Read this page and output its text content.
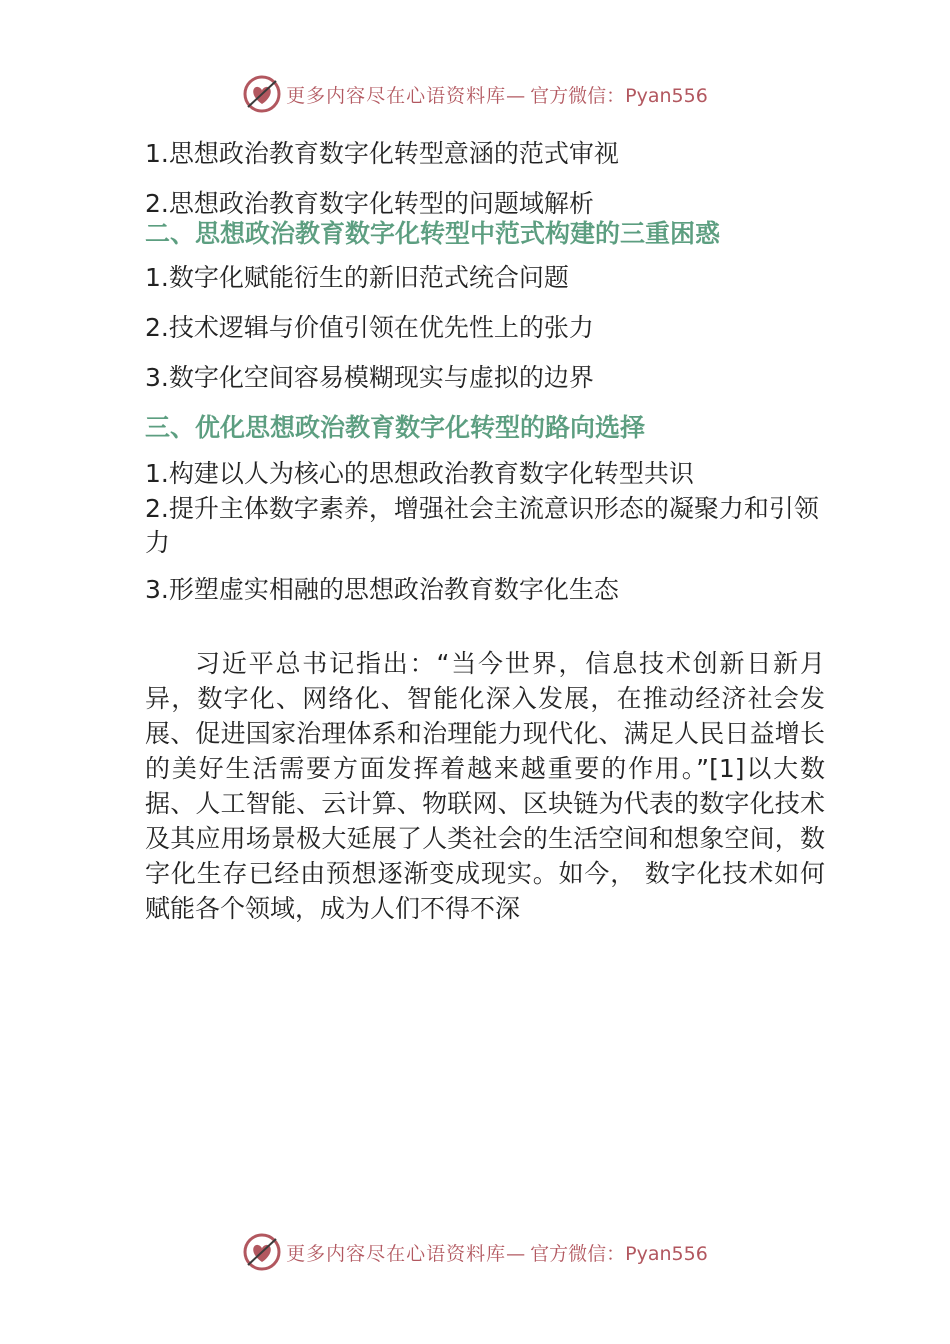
更多内容尽在心语资料库— 官方微信：Pyan556

1.思想政治教育数字化转型意涵的范式审视

2.思想政治教育数字化转型的问题域解析

二、思想政治教育数字化转型中范式构建的三重困惑

1.数字化赋能衍生的新旧范式统合问题

2.技术逻辑与价值引领在优先性上的张力

3.数字化空间容易模糊现实与虚拟的边界

三、优化思想政治教育数字化转型的路向选择

1.构建以人为核心的思想政治教育数字化转型共识

2.提升主体数字素养，增强社会主流意识形态的凝聚力和引领力

3.形塑虚实相融的思想政治教育数字化生态

习近平总书记指出：“当今世界，信息技术创新日新月异，数字化、网络化、智能化深入发展，在推动经济社会发展、促进国家治理体系和治理能力现代化、满足人民日益增长的美好生活需要方面发挥着越来越重要的作用。”[1]以大数据、人工智能、云计算、物联网、区块链为代表的数字化技术及其应用场景极大延展了人类社会的生活空间和想象空间，数字化生存已经由预想逐渐变成现实。如今， 数字化技术如何赋能各个领域，成为人们不得不深

更多内容尽在心语资料库— 官方微信：Pyan556
